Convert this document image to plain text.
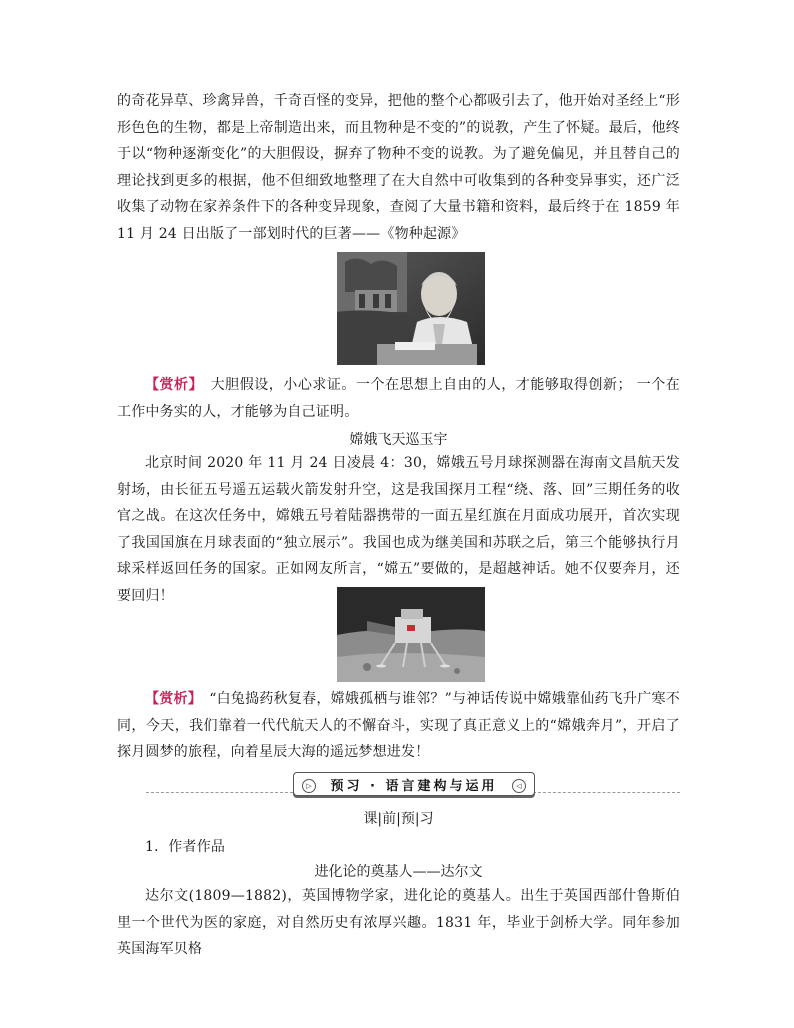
的奇花异草、珍禽异兽，千奇百怪的变异，把他的整个心都吸引去了，他开始对圣经上“形形色色的生物，都是上帝制造出来，而且物种是不变的”的说教，产生了怀疑。最后，他终于以“物种逐渐变化”的大胆假设，摒弃了物种不变的说教。为了避免偏见，并且替自己的理论找到更多的根据，他不但细致地整理了在大自然中可收集到的各种变异事实，还广泛收集了动物在家养条件下的各种变异现象，查阅了大量书籍和资料，最后终于在 1859 年 11 月 24 日出版了一部划时代的巨著——《物种起源》

【赏析】　 大胆假设，小心求证。一个在思想上自由的人，才能够取得创新； 一个在工作中务实的人，才能够为自己证明。

嫦娥飞天巡玉宇

北京时间 2020 年 11 月 24 日凌晨 4：30，嫦娥五号月球探测器在海南文昌航天发射场，由长征五号遥五运载火箭发射升空，这是我国探月工程“绕、落、回”三期任务的收官之战。在这次任务中，嫦娥五号着陆器携带的一面五星红旗在月面成功展开，首次实现了我国国旗在月球表面的“独立展示”。我国也成为继美国和苏联之后，第三个能够执行月球采样返回任务的国家。正如网友所言，“嫦五”要做的，是超越神话。她不仅要奔月，还要回归！

【赏析】　 “白兔捣药秋复春，嫦娥孤栖与谁邻？”与神话传说中嫦娥靠仙药飞升广寒不同，今天，我们靠着一代代航天人的不懈奋斗，实现了真正意义上的“嫦娥奔月”，开启了探月圆梦的旅程，向着星辰大海的遥远梦想进发！

▷	预习 · 语言建构与运用	◁
课|前|预|习
1．作者作品
进化论的奠基人——达尔文

达尔文(1809—1882)，英国博物学家，进化论的奠基人。出生于英国西部什鲁斯伯里一个世代为医的家庭，对自然历史有浓厚兴趣。1831 年，毕业于剑桥大学。同年参加英国海军贝格
